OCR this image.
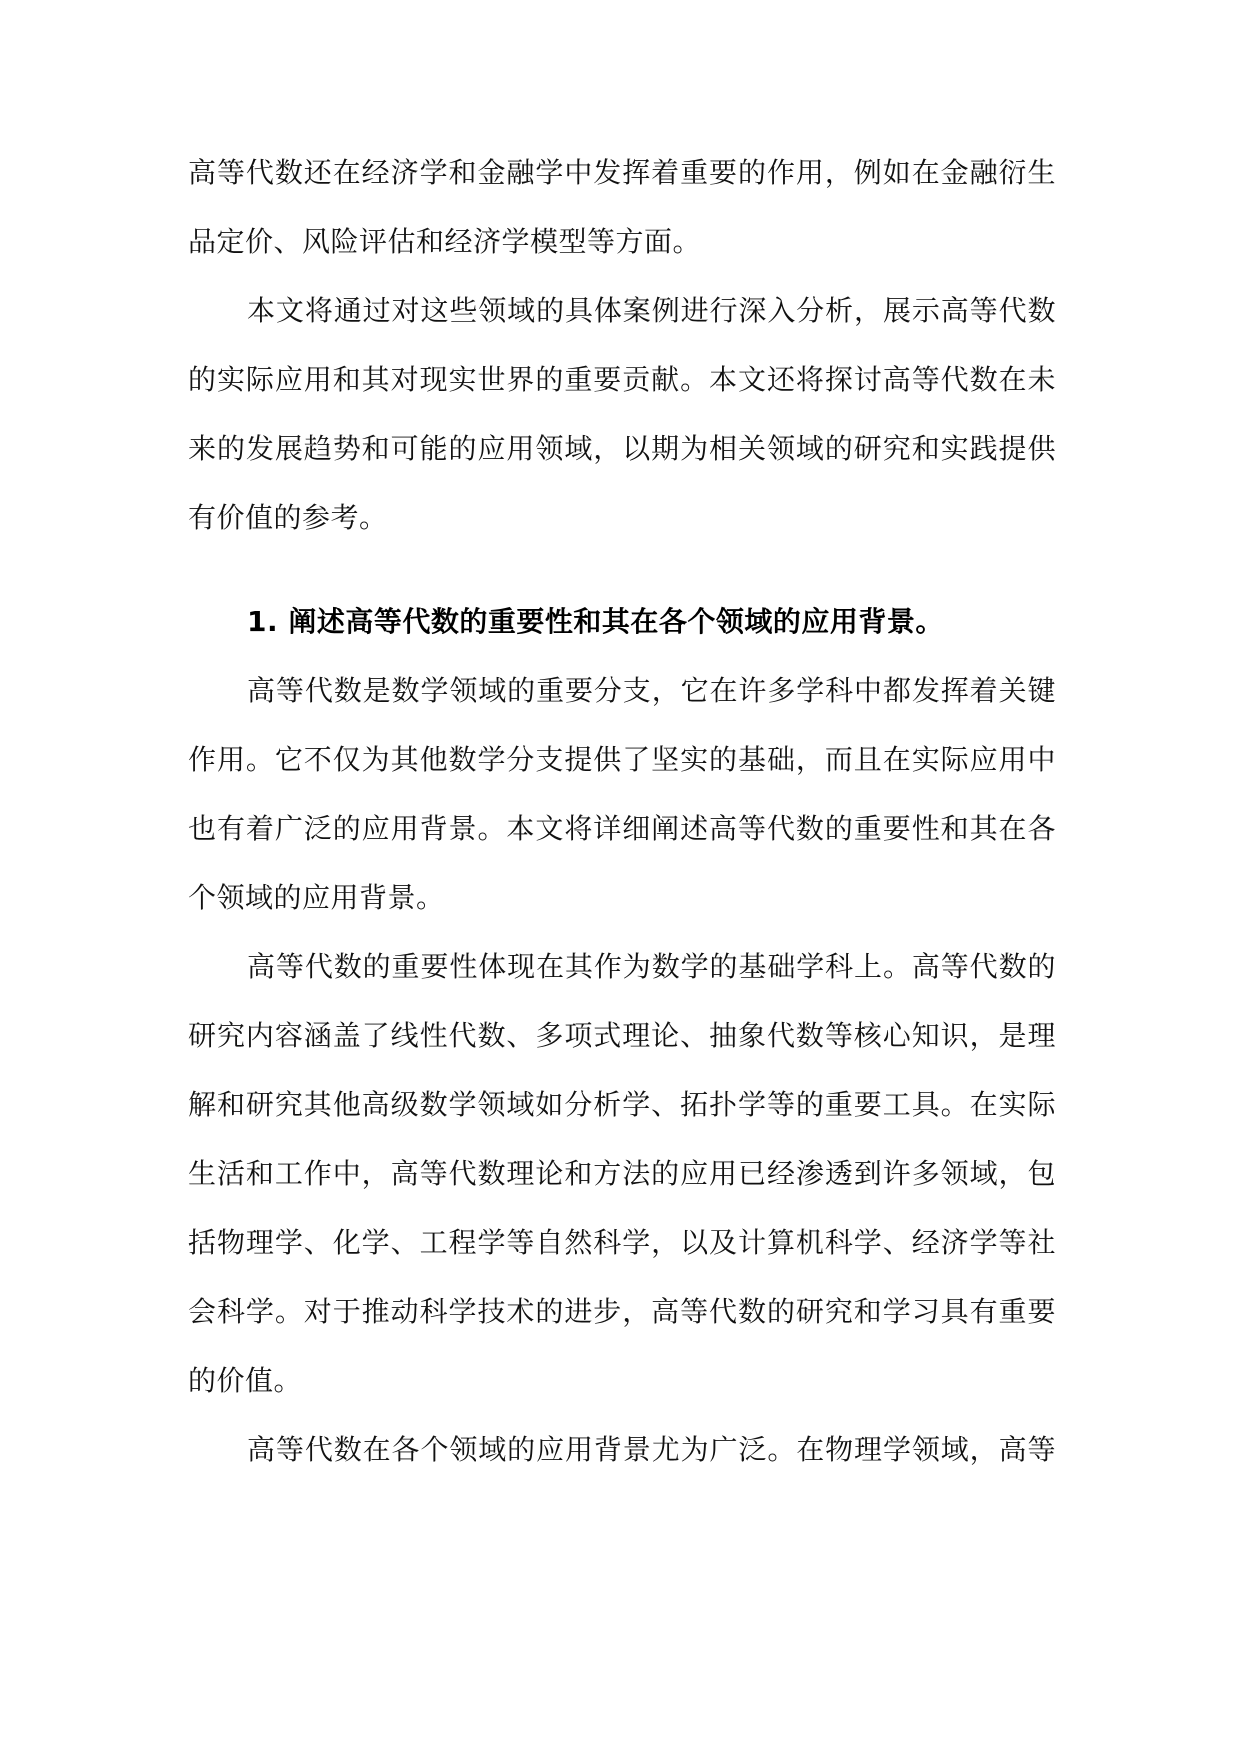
高等代数还在经济学和金融学中发挥着重要的作用，例如在金融衍生
品定价、风险评估和经济学模型等方面。
本文将通过对这些领域的具体案例进行深入分析，展示高等代数
的实际应用和其对现实世界的重要贡献。本文还将探讨高等代数在未
来的发展趋势和可能的应用领域，以期为相关领域的研究和实践提供
有价值的参考。
1. 阐述高等代数的重要性和其在各个领域的应用背景。
高等代数是数学领域的重要分支，它在许多学科中都发挥着关键
作用。它不仅为其他数学分支提供了坚实的基础，而且在实际应用中
也有着广泛的应用背景。本文将详细阐述高等代数的重要性和其在各
个领域的应用背景。
高等代数的重要性体现在其作为数学的基础学科上。高等代数的
研究内容涵盖了线性代数、多项式理论、抽象代数等核心知识，是理
解和研究其他高级数学领域如分析学、拓扑学等的重要工具。在实际
生活和工作中，高等代数理论和方法的应用已经渗透到许多领域，包
括物理学、化学、工程学等自然科学，以及计算机科学、经济学等社
会科学。对于推动科学技术的进步，高等代数的研究和学习具有重要
的价值。
高等代数在各个领域的应用背景尤为广泛。在物理学领域，高等
